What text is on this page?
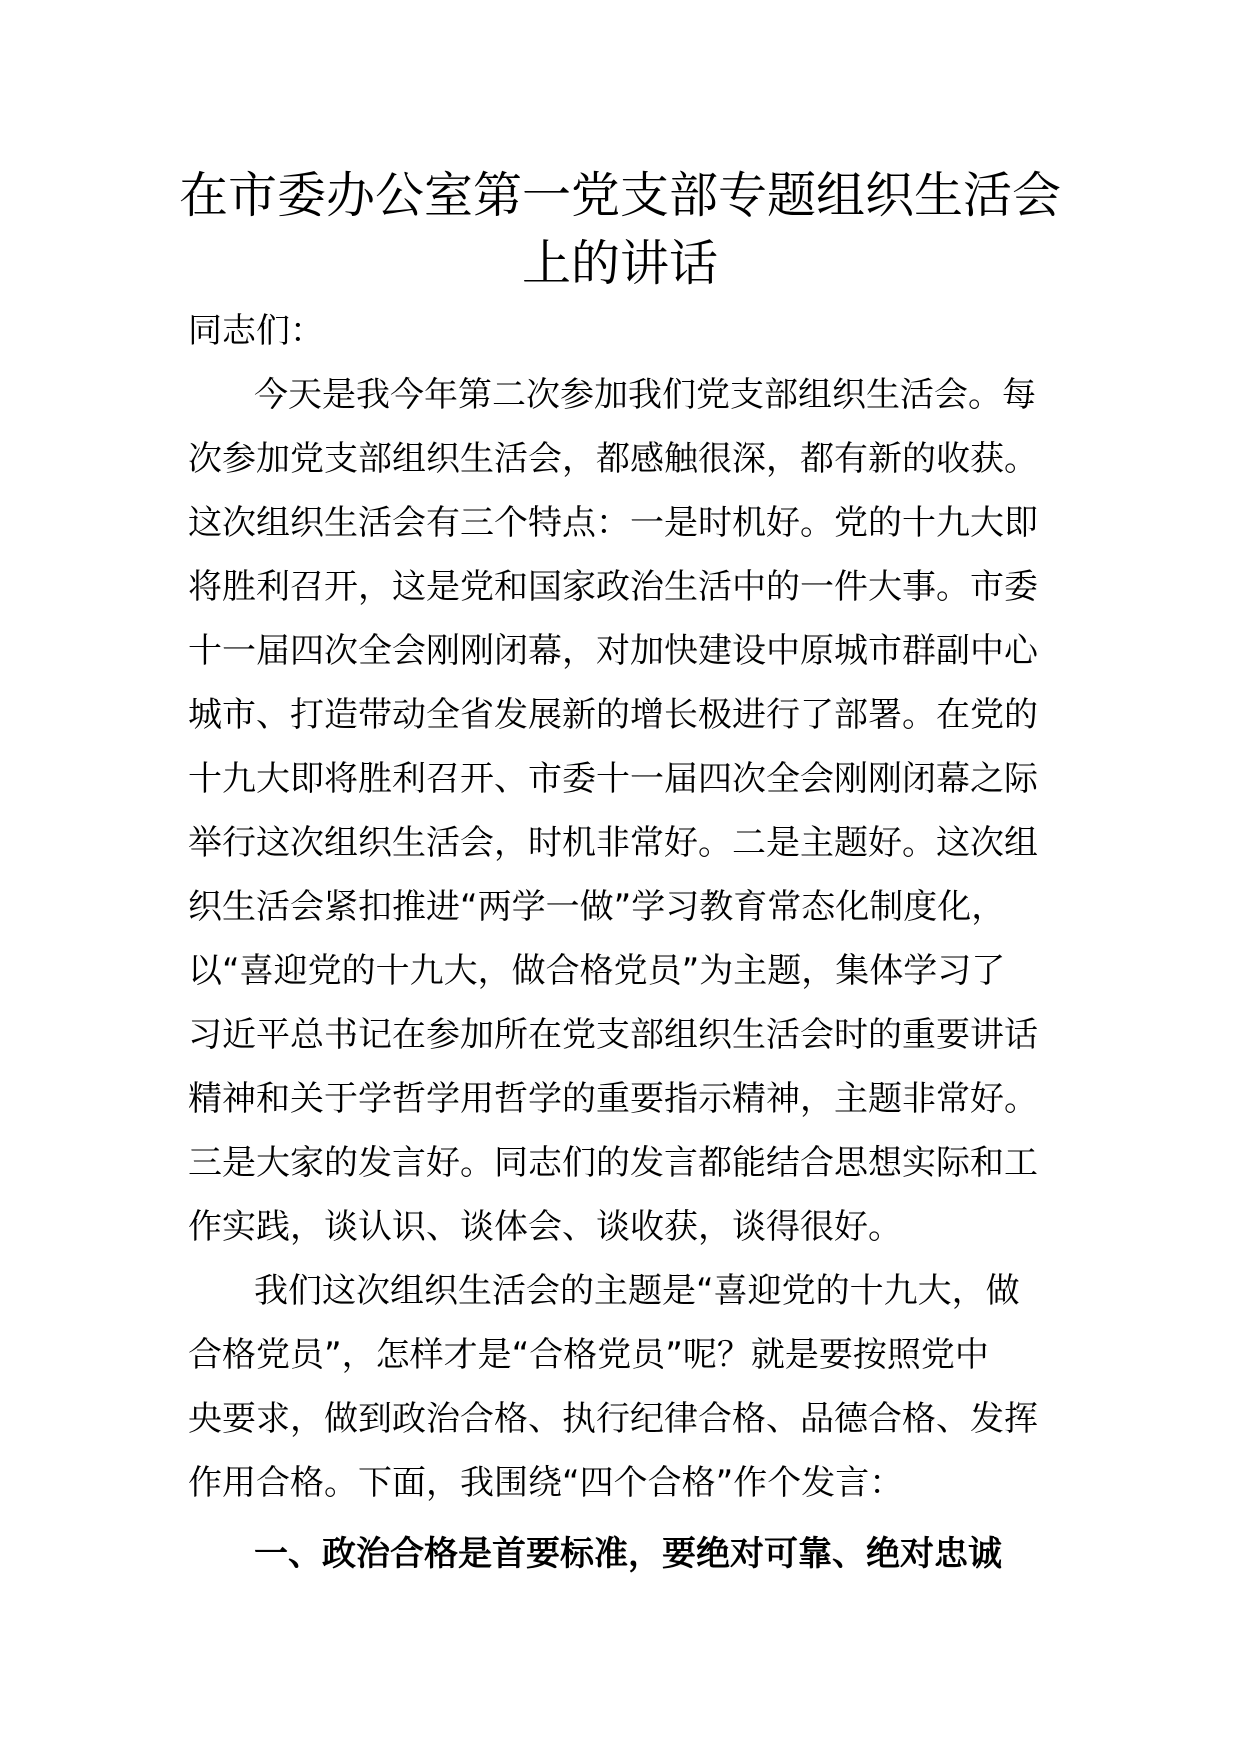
在市委办公室第一党支部专题组织生活会
上的讲话

同志们：

今天是我今年第二次参加我们党支部组织生活会。每

次参加党支部组织生活会，都感触很深，都有新的收获。

这次组织生活会有三个特点：一是时机好。党的十九大即

将胜利召开，这是党和国家政治生活中的一件大事。市委

十一届四次全会刚刚闭幕，对加快建设中原城市群副中心

城市、打造带动全省发展新的增长极进行了部署。在党的

十九大即将胜利召开、市委十一届四次全会刚刚闭幕之际

举行这次组织生活会，时机非常好。二是主题好。这次组

织生活会紧扣推进“两学一做”学习教育常态化制度化，

以“喜迎党的十九大，做合格党员”为主题，集体学习了

习近平总书记在参加所在党支部组织生活会时的重要讲话

精神和关于学哲学用哲学的重要指示精神，主题非常好。

三是大家的发言好。同志们的发言都能结合思想实际和工

作实践，谈认识、谈体会、谈收获，谈得很好。

我们这次组织生活会的主题是“喜迎党的十九大，做

合格党员”，怎样才是“合格党员”呢？就是要按照党中

央要求，做到政治合格、执行纪律合格、品德合格、发挥

作用合格。下面，我围绕“四个合格”作个发言：

一、政治合格是首要标准，要绝对可靠、绝对忠诚
